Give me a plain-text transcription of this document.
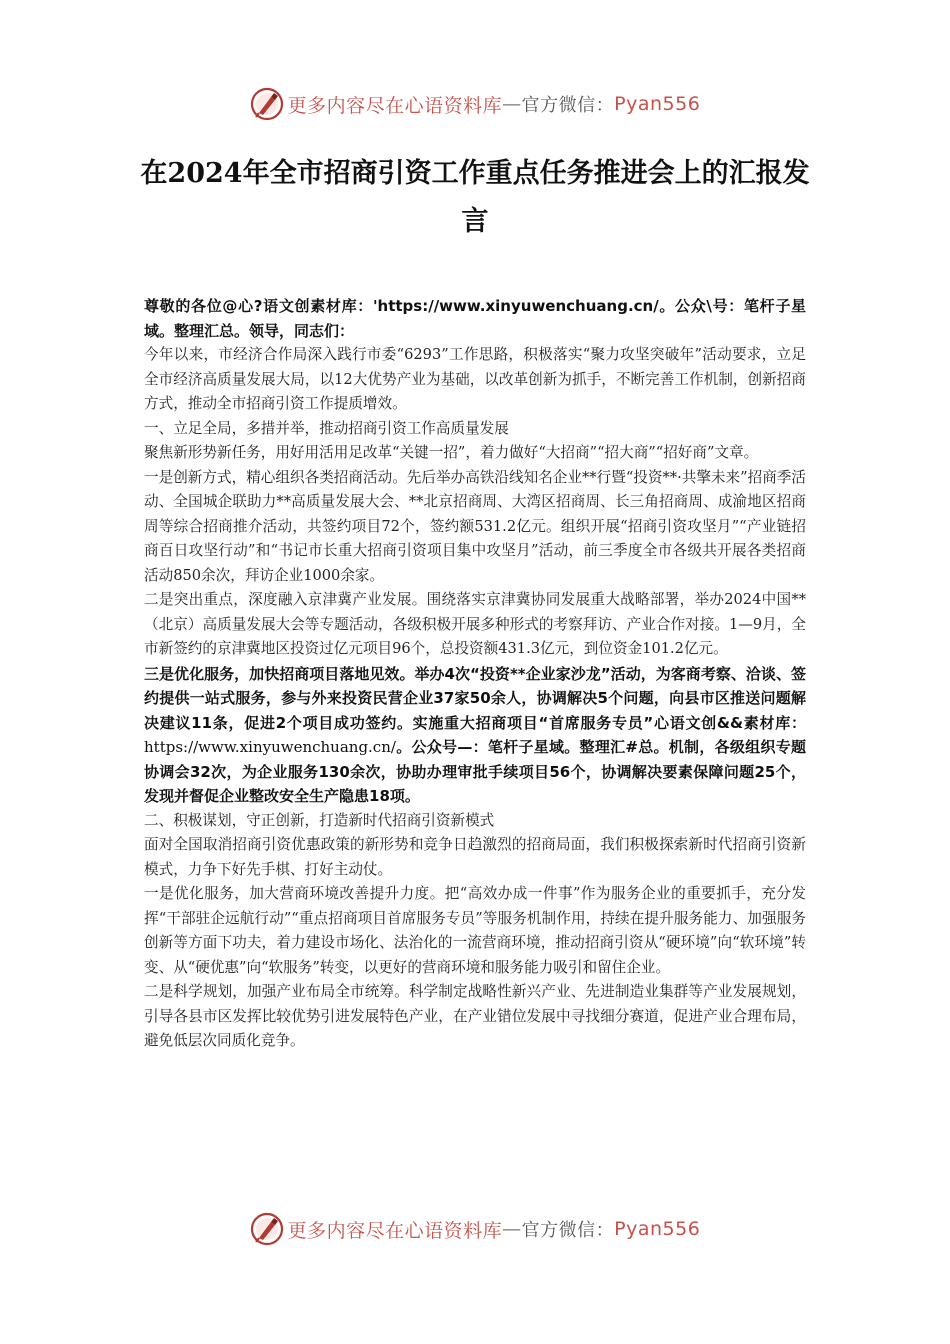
更多内容尽在心语资料库 — 官方微信： Pyan556
在2024年全市招商引资工作重点任务推进会上的汇报发言

尊敬的各位@心?语文创素材库：'https://www.xinyuwenchuang.cn/。公众\号：笔杆子星域。整理汇总。领导，同志们：

今年以来，市经济合作局深入践行市委“6293”工作思路，积极落实“聚力攻坚突破年”活动要求，立足全市经济高质量发展大局，以12大优势产业为基础，以改革创新为抓手，不断完善工作机制，创新招商方式，推动全市招商引资工作提质增效。

一、立足全局，多措并举，推动招商引资工作高质量发展

聚焦新形势新任务，用好用活用足改革“关键一招”，着力做好“大招商”“招大商”“招好商”文章。

一是创新方式，精心组织各类招商活动。先后举办高铁沿线知名企业**行暨“投资**·共擎未来”招商季活动、全国城企联助力**高质量发展大会、**北京招商周、大湾区招商周、长三角招商周、成渝地区招商周等综合招商推介活动，共签约项目72个，签约额531.2亿元。组织开展“招商引资攻坚月”“产业链招商百日攻坚行动”和“书记市长重大招商引资项目集中攻坚月”活动，前三季度全市各级共开展各类招商活动850余次，拜访企业1000余家。

二是突出重点，深度融入京津冀产业发展。围绕落实京津冀协同发展重大战略部署，举办2024中国**（北京）高质量发展大会等专题活动，各级积极开展多种形式的考察拜访、产业合作对接。1—9月，全市新签约的京津冀地区投资过亿元项目96个，总投资额431.3亿元，到位资金101.2亿元。

三是优化服务，加快招商项目落地见效。举办4次“投资**企业家沙龙”活动，为客商考察、洽谈、签约提供一站式服务，参与外来投资民营企业37家50余人，协调解决5个问题，向县市区推送问题解决建议11条，促进2个项目成功签约。实施重大招商项目“首席服务专员”心语文创&&素材库：https://www.xinyuwenchuang.cn/。公众号—：笔杆子星域。整理汇#总。机制，各级组织专题协调会32次，为企业服务130余次，协助办理审批手续项目56个，协调解决要素保障问题25个，发现并督促企业整改安全生产隐患18项。

二、积极谋划，守正创新，打造新时代招商引资新模式

面对全国取消招商引资优惠政策的新形势和竞争日趋激烈的招商局面，我们积极探索新时代招商引资新模式，力争下好先手棋、打好主动仗。

一是优化服务，加大营商环境改善提升力度。把“高效办成一件事”作为服务企业的重要抓手，充分发挥“干部驻企远航行动”“重点招商项目首席服务专员”等服务机制作用，持续在提升服务能力、加强服务创新等方面下功夫，着力建设市场化、法治化的一流营商环境，推动招商引资从“硬环境”向“软环境”转变、从“硬优惠”向“软服务”转变，以更好的营商环境和服务能力吸引和留住企业。

二是科学规划，加强产业布局全市统筹。科学制定战略性新兴产业、先进制造业集群等产业发展规划，引导各县市区发挥比较优势引进发展特色产业，在产业错位发展中寻找细分赛道，促进产业合理布局，避免低层次同质化竞争。

更多内容尽在心语资料库 — 官方微信： Pyan556
